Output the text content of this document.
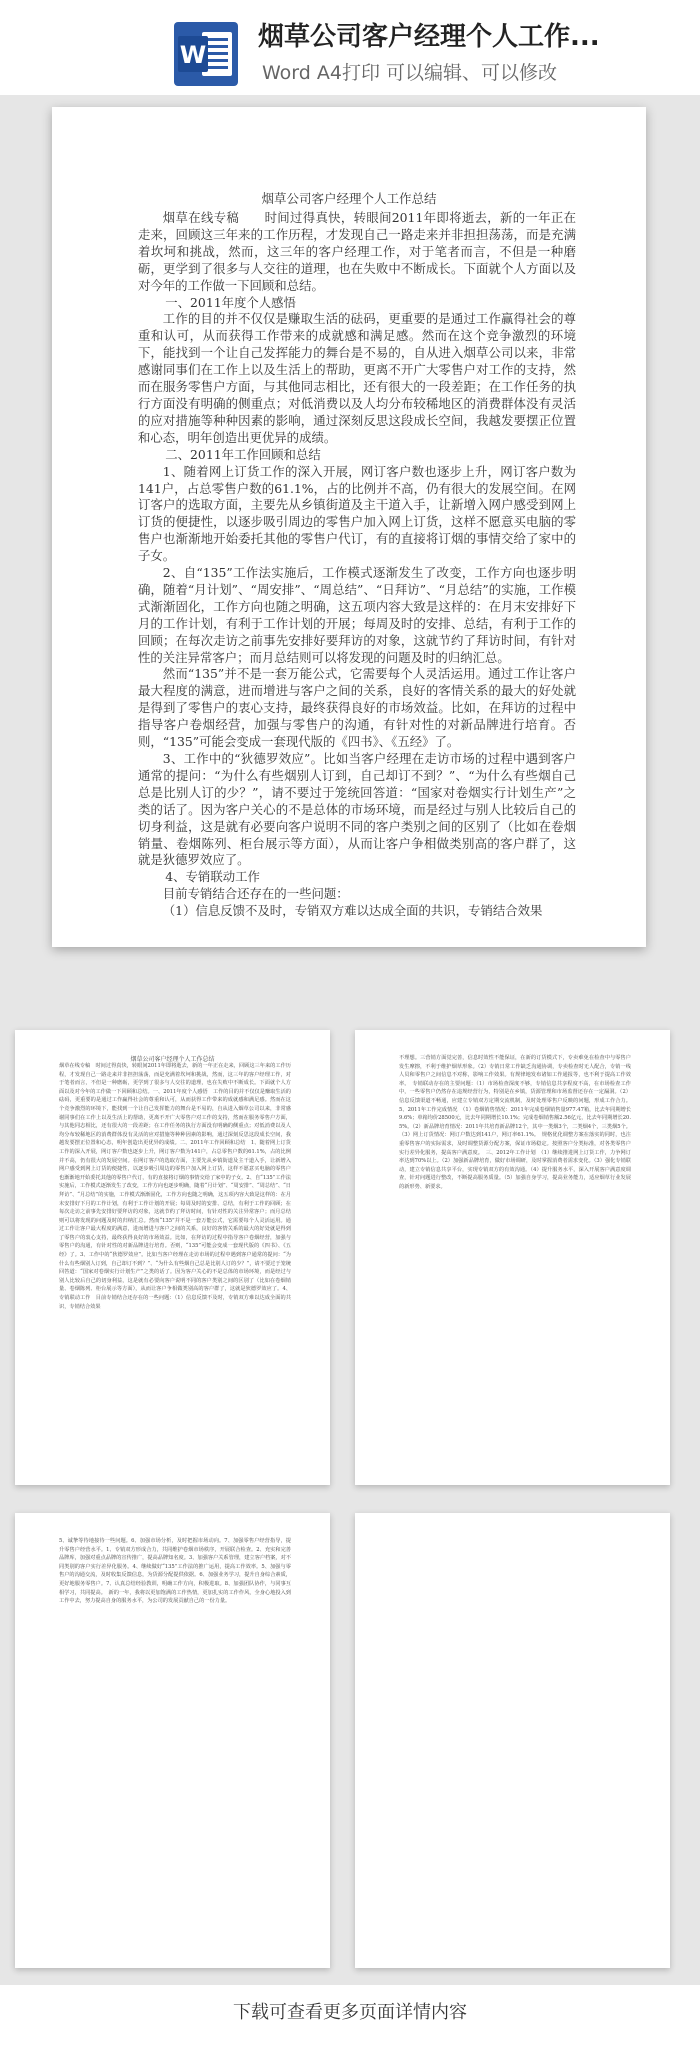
W
烟草公司客户经理个人工作...
Word A4打印 可以编辑、可以修改
烟草公司客户经理个人工作总结

烟草在线专稿　　时间过得真快，转眼间2011年即将逝去，新的一年正在走来，回顾这三年来的工作历程，才发现自己一路走来并非担担荡荡，而是充满着坎坷和挑战，然而，这三年的客户经理工作，对于笔者而言，不但是一种磨砺，更学到了很多与人交往的道理，也在失败中不断成长。下面就个人方面以及对今年的工作做一下回顾和总结。

一、2011年度个人感悟

工作的目的并不仅仅是赚取生活的砝码，更重要的是通过工作赢得社会的尊重和认可，从而获得工作带来的成就感和满足感。然而在这个竞争激烈的环境下，能找到一个让自己发挥能力的舞台是不易的，自从进入烟草公司以来，非常感谢同事们在工作上以及生活上的帮助，更离不开广大零售户对工作的支持，然而在服务零售户方面，与其他同志相比，还有很大的一段差距；在工作任务的执行方面没有明确的侧重点；对低消费以及人均分布较稀地区的消费群体没有灵活的应对措施等种种因素的影响，通过深刻反思这段成长空间，我越发要摆正位置和心态，明年创造出更优异的成绩。

二、2011年工作回顾和总结

1、随着网上订货工作的深入开展，网订客户数也逐步上升，网订客户数为141户，占总零售户数的61.1%，占的比例并不高，仍有很大的发展空间。在网订客户的选取方面，主要先从乡镇街道及主干道入手，让新增入网户感受到网上订货的便捷性，以逐步吸引周边的零售户加入网上订货，这样不愿意买电脑的零售户也渐渐地开始委托其他的零售户代订，有的直接将订烟的事情交给了家中的子女。

2、自“135”工作法实施后，工作模式逐渐发生了改变，工作方向也逐步明确，随着“月计划”、“周安排”、“周总结”、“日拜访”、“月总结”的实施，工作模式渐渐固化，工作方向也随之明确，这五项内容大致是这样的：在月末安排好下月的工作计划，有利于工作计划的开展；每周及时的安排、总结，有利于工作的回顾；在每次走访之前事先安排好要拜访的对象，这就节约了拜访时间，有针对性的关注异常客户；而月总结则可以将发现的问题及时的归纳汇总。

然而“135”并不是一套万能公式，它需要每个人灵活运用。通过工作让客户最大程度的满意，进而增进与客户之间的关系，良好的客情关系的最大的好处就是得到了零售户的衷心支持，最终获得良好的市场效益。比如，在拜访的过程中指导客户卷烟经营，加强与零售户的沟通，有针对性的对新品牌进行培育。否则，“135”可能会变成一套现代版的《四书》、《五经》了。

3、工作中的“狄德罗效应”。比如当客户经理在走访市场的过程中遇到客户通常的提问：“为什么有些烟别人订到，自己却订不到？”、“为什么有些烟自己总是比别人订的少？”，请不要过于笼统回答道：“国家对卷烟实行计划生产”之类的话了。因为客户关心的不是总体的市场环境，而是经过与别人比较后自己的切身利益，这是就有必要向客户说明不同的客户类别之间的区别了（比如在卷烟销量、卷烟陈列、柜台展示等方面），从而让客户争相做类别高的客户群了，这就是狄德罗效应了。

4、专销联动工作

目前专销结合还存在的一些问题：

（1）信息反馈不及时，专销双方难以达成全面的共识，专销结合效果

烟草公司客户经理个人工作总结
烟草在线专稿　时间过得真快，转眼间2011年即将逝去，新的一年正在走来，回顾这三年来的工作历程，才发现自己一路走来并非担担荡荡，而是充满着坎坷和挑战，然而，这三年的客户经理工作，对于笔者而言，不但是一种磨砺，更学到了很多与人交往的道理，也在失败中不断成长。下面就个人方面以及对今年的工作做一下回顾和总结。一、2011年度个人感悟　工作的目的并不仅仅是赚取生活的砝码，更重要的是通过工作赢得社会的尊重和认可，从而获得工作带来的成就感和满足感。然而在这个竞争激烈的环境下，能找到一个让自己发挥能力的舞台是不易的，自从进入烟草公司以来，非常感谢同事们在工作上以及生活上的帮助，更离不开广大零售户对工作的支持，然而在服务零售户方面，与其他同志相比，还有很大的一段差距；在工作任务的执行方面没有明确的侧重点；对低消费以及人均分布较稀地区的消费群体没有灵活的应对措施等种种因素的影响，通过深刻反思这段成长空间，我越发要摆正位置和心态，明年创造出更优异的成绩。二、2011年工作回顾和总结　1、随着网上订货工作的深入开展，网订客户数也逐步上升，网订客户数为141户，占总零售户数的61.1%，占的比例并不高，仍有很大的发展空间。在网订客户的选取方面，主要先从乡镇街道及主干道入手，让新增入网户感受到网上订货的便捷性，以逐步吸引周边的零售户加入网上订货，这样不愿意买电脑的零售户也渐渐地开始委托其他的零售户代订，有的直接将订烟的事情交给了家中的子女。2、自“135”工作法实施后，工作模式逐渐发生了改变，工作方向也逐步明确，随着“月计划”、“周安排”、“周总结”、“日拜访”、“月总结”的实施，工作模式渐渐固化，工作方向也随之明确，这五项内容大致是这样的：在月末安排好下月的工作计划，有利于工作计划的开展；每周及时的安排、总结，有利于工作的回顾；在每次走访之前事先安排好要拜访的对象，这就节约了拜访时间，有针对性的关注异常客户；而月总结则可以将发现的问题及时的归纳汇总。然而“135”并不是一套万能公式，它需要每个人灵活运用。通过工作让客户最大程度的满意，进而增进与客户之间的关系，良好的客情关系的最大的好处就是得到了零售户的衷心支持，最终获得良好的市场效益。比如，在拜访的过程中指导客户卷烟经营，加强与零售户的沟通，有针对性的对新品牌进行培育。否则，“135”可能会变成一套现代版的《四书》、《五经》了。3、工作中的“狄德罗效应”。比如当客户经理在走访市场的过程中遇到客户通常的提问：“为什么有些烟别人订到，自己却订不到？”、“为什么有些烟自己总是比别人订的少？”，请不要过于笼统回答道：“国家对卷烟实行计划生产”之类的话了。因为客户关心的不是总体的市场环境，而是经过与别人比较后自己的切身利益，这是就有必要向客户说明不同的客户类别之间的区别了（比如在卷烟销量、卷烟陈列、柜台展示等方面），从而让客户争相做类别高的客户群了，这就是狄德罗效应了。4、专销联动工作　目前专销结合还存在的一些问题：（1）信息反馈不及时，专销双方难以达成全面的共识，专销结合效果
不理想。三营销方面觉完善，信息时效性不能保证，在新的订货模式下，专卖难免在检查中与零售户发生摩擦，不利于维护烟草形象。（2）专销日常工作缺乏沟通协调，专卖检查时无人配合，专销一线人员和零售户之间信息不对称，影响工作效果。有规律地发布诸如工作通报等，也不利于提高工作效率。　专销联动存在的主要问题：（1）市场检查深度不够，专销信息共享程度不高，在市场检查工作中，一些零售户仍然存在违规经营行为，特别是在乡镇，货源管理和市场监督还存在一定漏洞。（2）信息反馈渠道不畅通，应建立专销双方定期交流机制，及时处理零售户反映的问题，形成工作合力。5、2011年工作完成情况　（1）卷烟销售情况：2011年完成卷烟销售量977.47箱，比去年同期增长9.6%；单箱均价28500元，比去年同期增长10.1%；完成卷烟销售额2.56亿元，比去年同期增长20.5%。（2）新品牌培育情况：2011年共培育新品牌12个，其中一类烟3个，二类烟4个，三类烟5个。（3）网上订货情况：网订户数达到141户，网订率61.1%。　规格优化调整方案在落实的同时，也注重零售客户的实际需求，及时调整货源分配方案，保证市场稳定。按照客户分类标准，对各类零售户实行差异化服务，提高客户满意度。　三、2012年工作计划　（1）继续推进网上订货工作，力争网订率达到70%以上。（2）加强新品牌培育，做好市场调研，及时掌握消费者需求变化。（3）强化专销联动，建立专销信息共享平台，实现专销双方的有效沟通。（4）提升服务水平，深入开展客户满意度调查，针对问题进行整改，不断提高服务质量。（5）加强自身学习，提高业务能力，适应烟草行业发展的新形势、新要求。
5、诚挚等待地接待一些问题。6、加强市场分析，及时把握市场动向。7、加强零售户经营指导，提升零售户经营水平。1、专销双方形成合力，共同维护卷烟市场秩序，开展联合检查。2、充实和完善品牌库，加强对重点品牌的宣传推广，提高品牌知名度。3、加强客户关系管理，建立客户档案，对不同类别的客户实行差异化服务。4、继续做好“135”工作法的推广运用，提高工作效率。5、加强与零售户的沟通交流，及时收集反馈信息，为货源分配提供依据。6、加强业务学习，提升自身综合素质，更好地服务零售户。7、认真总结经验教训，明确工作方向，积极进取。8、加强团队协作，与同事互相学习，共同提高。　新的一年，我将以更加饱满的工作热情，更加扎实的工作作风，全身心地投入到工作中去，努力提高自身的服务水平，为公司的发展贡献自己的一份力量。
下载可查看更多页面详情内容
